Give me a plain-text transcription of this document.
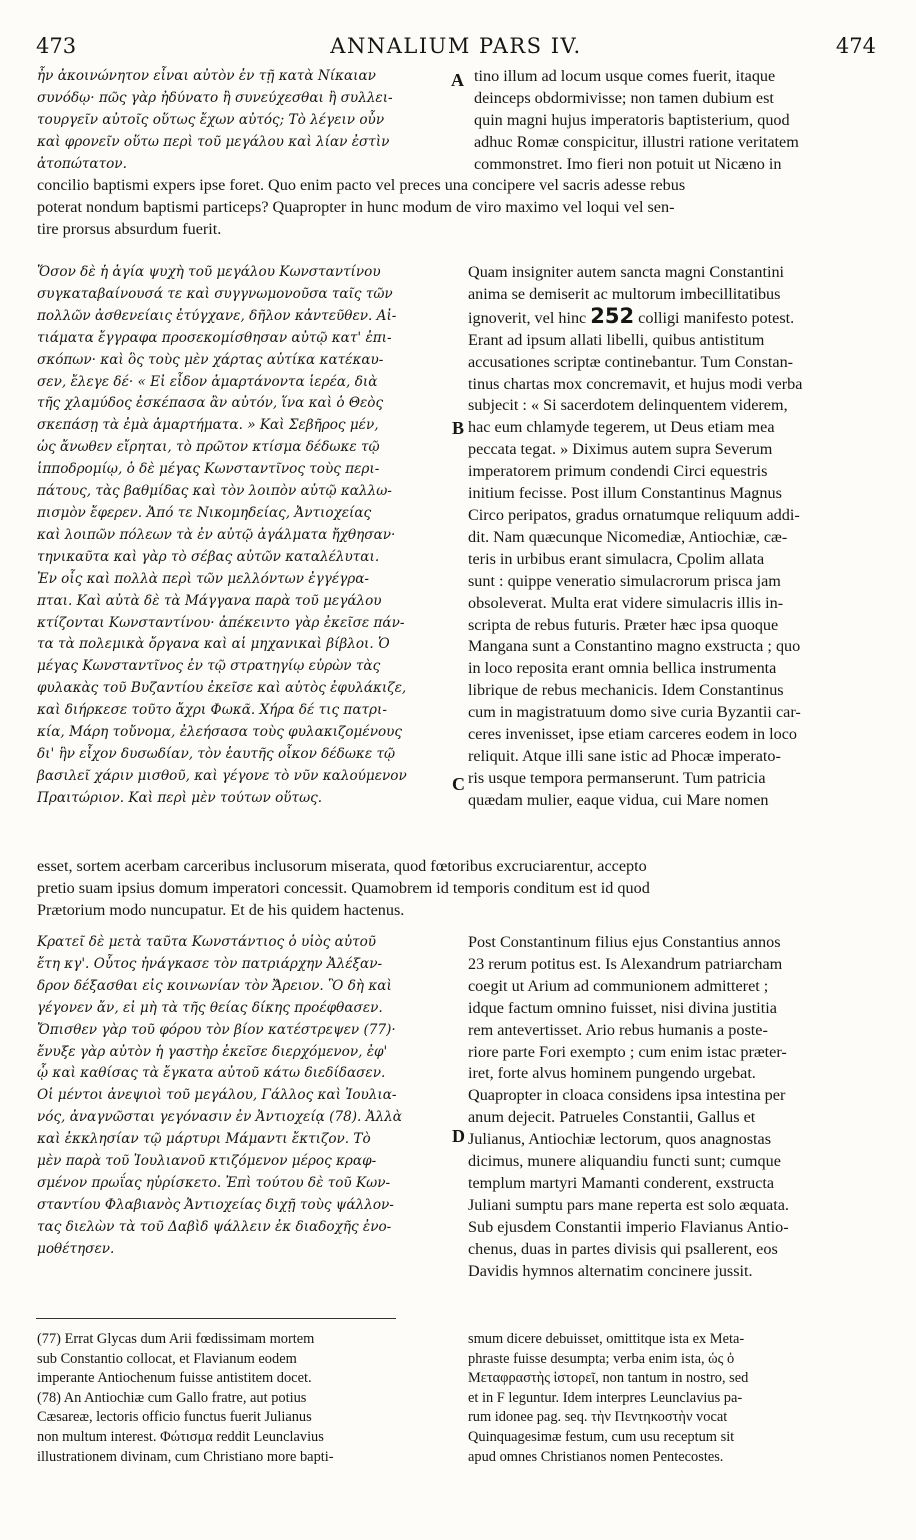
473	ANNALIUM PARS IV.	474

ἦν ἀκοινώνητον εἶναι αὐτὸν ἐν τῇ κατὰ Νίκαιαν
συνόδῳ· πῶς γὰρ ἠδύνατο ἢ συνεύχεσθαι ἢ συλλει-
τουργεῖν αὐτοῖς οὕτως ἔχων αὐτός; Τὸ λέγειν οὖν
καὶ φρονεῖν οὕτω περὶ τοῦ μεγάλου καὶ λίαν ἐστὶν
ἀτοπώτατον.

tino illum ad locum usque comes fuerit, itaque
deinceps obdormivisse; non tamen dubium est
quin magni hujus imperatoris baptisterium, quod
adhuc Romæ conspicitur, illustri ratione veritatem
commonstret. Imo fieri non potuit ut Nicæno in

A

concilio baptismi expers ipse foret. Quo enim pacto vel preces una concipere vel sacris adesse rebus
poterat nondum baptismi particeps? Quapropter in hunc modum de viro maximo vel loqui vel sen-
tire prorsus absurdum fuerit.

Ὅσον δὲ ἡ ἁγία ψυχὴ τοῦ μεγάλου Κωνσταντίνου
συγκαταβαίνουσά τε καὶ συγγνωμονοῦσα ταῖς τῶν
πολλῶν ἀσθενείαις ἐτύγχανε, δῆλον κἀντεῦθεν. Αἰ-
τιάματα ἔγγραφα προσεκομίσθησαν αὐτῷ κατ' ἐπι-
σκόπων· καὶ ὃς τοὺς μὲν χάρτας αὐτίκα κατέκαυ-
σεν, ἔλεγε δέ· « Εἰ εἶδον ἁμαρτάνοντα ἱερέα, διὰ
τῆς χλαμύδος ἐσκέπασα ἂν αὐτόν, ἵνα καὶ ὁ Θεὸς
σκεπάσῃ τὰ ἐμὰ ἁμαρτήματα. » Καὶ Σεβῆρος μέν,
ὡς ἄνωθεν εἴρηται, τὸ πρῶτον κτίσμα δέδωκε τῷ
ἱπποδρομίῳ, ὁ δὲ μέγας Κωνσταντῖνος τοὺς περι-
πάτους, τὰς βαθμίδας καὶ τὸν λοιπὸν αὐτῷ καλλω-
πισμὸν ἔφερεν. Ἀπό τε Νικομηδείας, Ἀντιοχείας
καὶ λοιπῶν πόλεων τὰ ἐν αὐτῷ ἀγάλματα ἤχθησαν·
τηνικαῦτα καὶ γὰρ τὸ σέβας αὐτῶν καταλέλυται.
Ἐν οἷς καὶ πολλὰ περὶ τῶν μελλόντων ἐγγέγρα-
πται. Καὶ αὐτὰ δὲ τὰ Μάγγανα παρὰ τοῦ μεγάλου
κτίζονται Κωνσταντίνου· ἀπέκειντο γὰρ ἐκεῖσε πάν-
τα τὰ πολεμικὰ ὄργανα καὶ αἱ μηχανικαὶ βίβλοι. Ὁ
μέγας Κωνσταντῖνος ἐν τῷ στρατηγίῳ εὑρὼν τὰς
φυλακὰς τοῦ Βυζαντίου ἐκεῖσε καὶ αὐτὸς ἐφυλάκιζε,
καὶ διήρκεσε τοῦτο ἄχρι Φωκᾶ. Χήρα δέ τις πατρι-
κία, Μάρη τοὔνομα, ἐλεήσασα τοὺς φυλακιζομένους
δι' ἣν εἶχον δυσωδίαν, τὸν ἑαυτῆς οἶκον δέδωκε τῷ
βασιλεῖ χάριν μισθοῦ, καὶ γέγονε τὸ νῦν καλούμενον
Πραιτώριον. Καὶ περὶ μὲν τούτων οὕτως.

Quam insigniter autem sancta magni Constantini
anima se demiserit ac multorum imbecillitatibus
ignoverit, vel hinc 252 colligi manifesto potest.
Erant ad ipsum allati libelli, quibus antistitum
accusationes scriptæ continebantur. Tum Constan-
tinus chartas mox concremavit, et hujus modi verba
subjecit : « Si sacerdotem delinquentem viderem,
hac eum chlamyde tegerem, ut Deus etiam mea
peccata tegat. » Diximus autem supra Severum
imperatorem primum condendi Circi equestris
initium fecisse. Post illum Constantinus Magnus
Circo peripatos, gradus ornatumque reliquum addi-
dit. Nam quæcunque Nicomediæ, Antiochiæ, cæ-
teris in urbibus erant simulacra, Cpolim allata
sunt : quippe veneratio simulacrorum prisca jam
obsoleverat. Multa erat videre simulacris illis in-
scripta de rebus futuris. Præter hæc ipsa quoque
Mangana sunt a Constantino magno exstructa ; quo
in loco reposita erant omnia bellica instrumenta
librique de rebus mechanicis. Idem Constantinus
cum in magistratuum domo sive curia Byzantii car-
ceres invenisset, ipse etiam carceres eodem in loco
reliquit. Atque illi sane istic ad Phocæ imperato-
ris usque tempora permanserunt. Tum patricia
quædam mulier, eaque vidua, cui Mare nomen

B
C

esset, sortem acerbam carceribus inclusorum miserata, quod fœtoribus excruciarentur, accepto
pretio suam ipsius domum imperatori concessit. Quamobrem id temporis conditum est id quod
Prætorium modo nuncupatur. Et de his quidem hactenus.

Κρατεῖ δὲ μετὰ ταῦτα Κωνστάντιος ὁ υἱὸς αὐτοῦ
ἔτη κγ'. Οὗτος ἠνάγκασε τὸν πατριάρχην Ἀλέξαν-
δρον δέξασθαι εἰς κοινωνίαν τὸν Ἄρειον. Ὃ δὴ καὶ
γέγονεν ἄν, εἰ μὴ τὰ τῆς θείας δίκης προέφθασεν.
Ὄπισθεν γὰρ τοῦ φόρου τὸν βίον κατέστρεψεν (77)·
ἔνυξε γὰρ αὐτὸν ἡ γαστὴρ ἐκεῖσε διερχόμενον, ἐφ'
ᾧ καὶ καθίσας τὰ ἔγκατα αὐτοῦ κάτω διεδίδασεν.
Οἱ μέντοι ἀνεψιοὶ τοῦ μεγάλου, Γάλλος καὶ Ἰουλια-
νός, ἀναγνῶσται γεγόνασιν ἐν Ἀντιοχείᾳ (78). Ἀλλὰ
καὶ ἐκκλησίαν τῷ μάρτυρι Μάμαντι ἔκτιζον. Τὸ
μὲν παρὰ τοῦ Ἰουλιανοῦ κτιζόμενον μέρος κραφ-
σμένον πρωΐας ηὑρίσκετο. Ἐπὶ τούτου δὲ τοῦ Κων-
σταντίου Φλαβιανὸς Ἀντιοχείας διχῇ τοὺς ψάλλον-
τας διελὼν τὰ τοῦ Δαβὶδ ψάλλειν ἐκ διαδοχῆς ἐνο-
μοθέτησεν.

Post Constantinum filius ejus Constantius annos
23 rerum potitus est. Is Alexandrum patriarcham
coegit ut Arium ad communionem admitteret ;
idque factum omnino fuisset, nisi divina justitia
rem antevertisset. Ario rebus humanis a poste-
riore parte Fori exempto ; cum enim istac præter-
iret, forte alvus hominem pungendo urgebat.
Quapropter in cloaca considens ipsa intestina per
anum dejecit. Patrueles Constantii, Gallus et
Julianus, Antiochiæ lectorum, quos anagnostas
dicimus, munere aliquandiu functi sunt; cumque
templum martyri Mamanti conderent, exstructa
Juliani sumptu pars mane reperta est solo æquata.
Sub ejusdem Constantii imperio Flavianus Antio-
chenus, duas in partes divisis qui psallerent, eos
Davidis hymnos alternatim concinere jussit.

D

(77) Errat Glycas dum Arii fœdissimam mortem
sub Constantio collocat, et Flavianum eodem
imperante Antiochenum fuisse antistitem docet.
(78) An Antiochiæ cum Gallo fratre, aut potius
Cæsareæ, lectoris officio functus fuerit Julianus
non multum interest. Φώτισμα reddit Leunclavius
illustrationem divinam, cum Christiano more bapti-

smum dicere debuisset, omittitque ista ex Meta-
phraste fuisse desumpta; verba enim ista, ὡς ὁ
Μεταφραστὴς ἱστορεῖ, non tantum in nostro, sed
et in F leguntur. Idem interpres Leunclavius pa-
rum idonee pag. seq. τὴν Πεντηκοστὴν vocat
Quinquagesimæ festum, cum usu receptum sit
apud omnes Christianos nomen Pentecostes.
